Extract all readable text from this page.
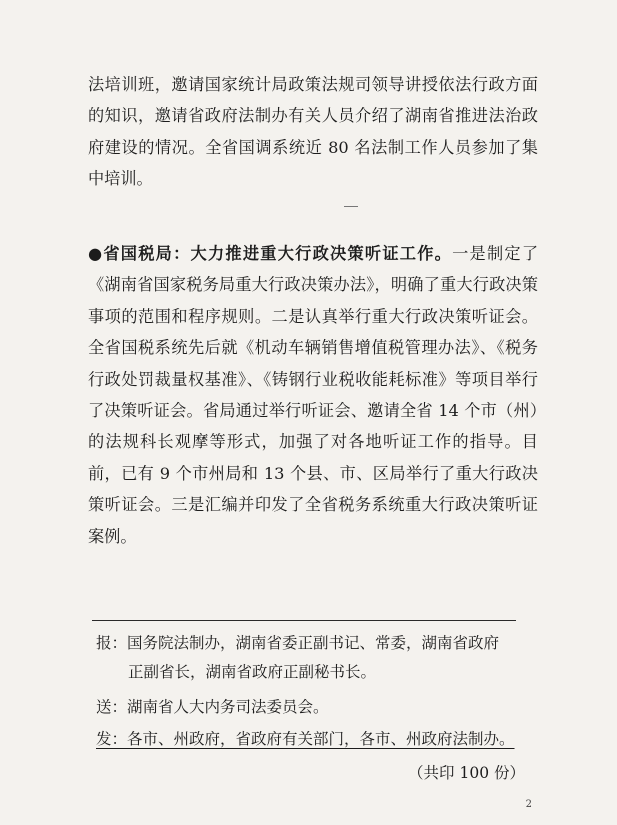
法培训班，邀请国家统计局政策法规司领导讲授依法行政方面的知识，邀请省政府法制办有关人员介绍了湖南省推进法治政府建设的情况。全省国调系统近 80 名法制工作人员参加了集中培训。

●省国税局：大力推进重大行政决策听证工作。一是制定了《湖南省国家税务局重大行政决策办法》，明确了重大行政决策事项的范围和程序规则。二是认真举行重大行政决策听证会。全省国税系统先后就《机动车辆销售增值税管理办法》、《税务行政处罚裁量权基准》、《铸钢行业税收能耗标准》等项目举行了决策听证会。省局通过举行听证会、邀请全省 14 个市（州）的法规科长观摩等形式，加强了对各地听证工作的指导。目前，已有 9 个市州局和 13 个县、市、区局举行了重大行政决策听证会。三是汇编并印发了全省税务系统重大行政决策听证案例。

报：国务院法制办，湖南省委正副书记、常委，湖南省政府
正副省长，湖南省政府正副秘书长。

送：湖南省人大内务司法委员会。

发：各市、州政府，省政府有关部门，各市、州政府法制办。

（共印 100 份）
2
